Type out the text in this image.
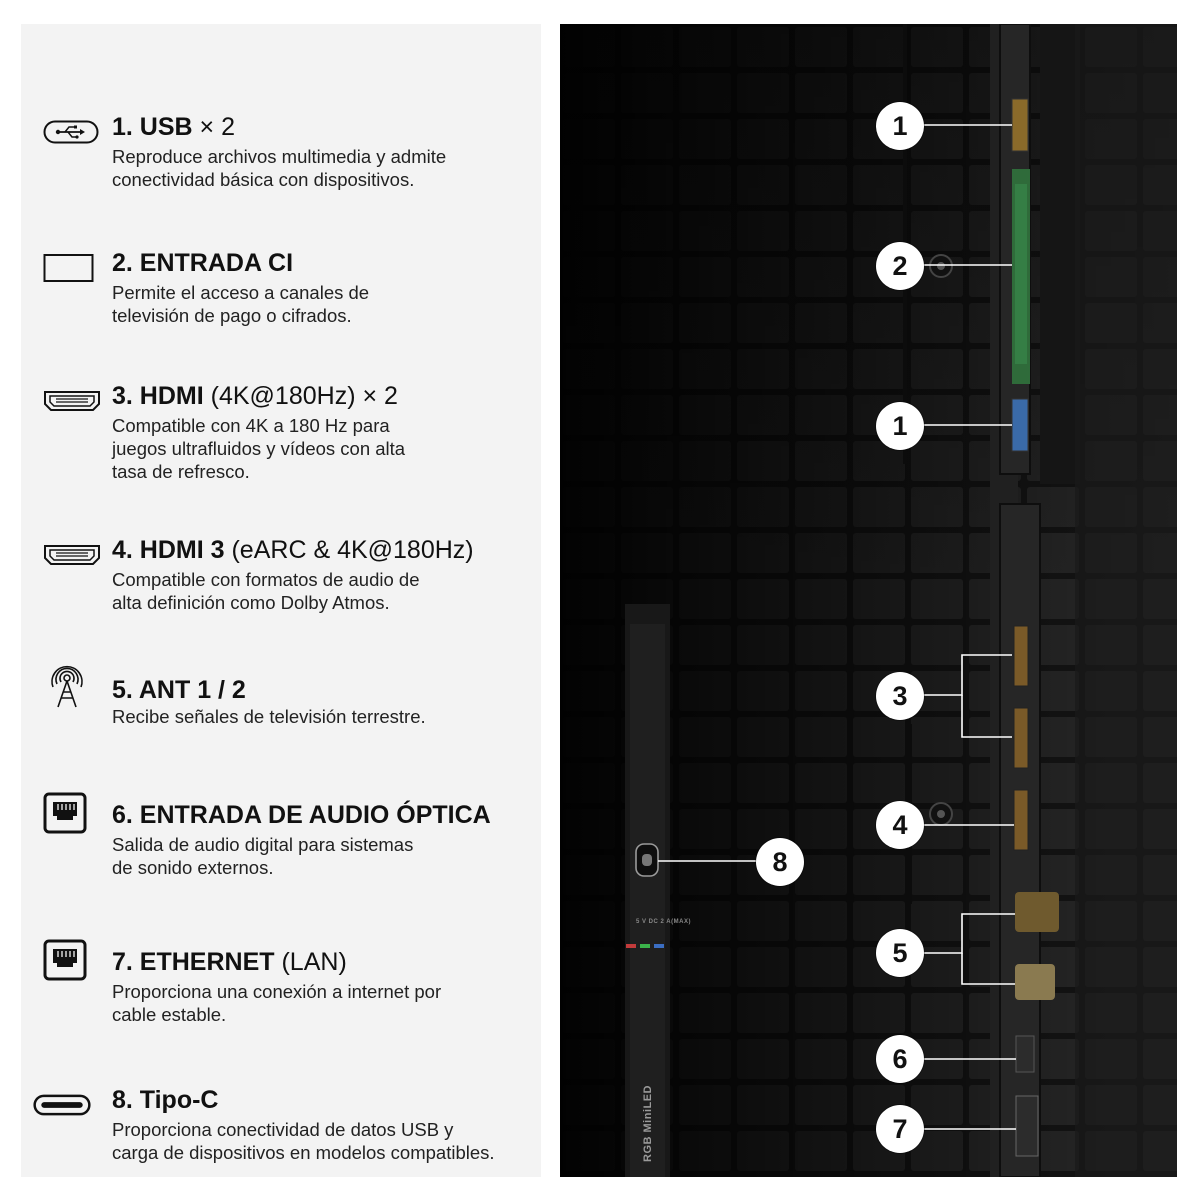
1. USB × 2
Reproduce archivos multimedia y admite
conectividad básica con dispositivos.
2. ENTRADA CI
Permite el acceso a canales de
televisión de pago o cifrados.
3. HDMI (4K@180Hz) × 2
Compatible con 4K a 180 Hz para
juegos ultrafluidos y vídeos con alta
tasa de refresco.
4. HDMI 3 (eARC & 4K@180Hz)
Compatible con formatos de audio de
alta definición como Dolby Atmos.
5. ANT 1 / 2
Recibe señales de televisión terrestre.
6. ENTRADA DE AUDIO ÓPTICA
Salida de audio digital para sistemas
de sonido externos.
7. ETHERNET (LAN)
Proporciona una conexión a internet por
cable estable.
8. Tipo-C
Proporciona conectividad de datos USB y
carga de dispositivos en modelos compatibles.
1
2
1
3
4
8
5
6
7
RGB MiniLED
5 V DC 2 A(MAX)
